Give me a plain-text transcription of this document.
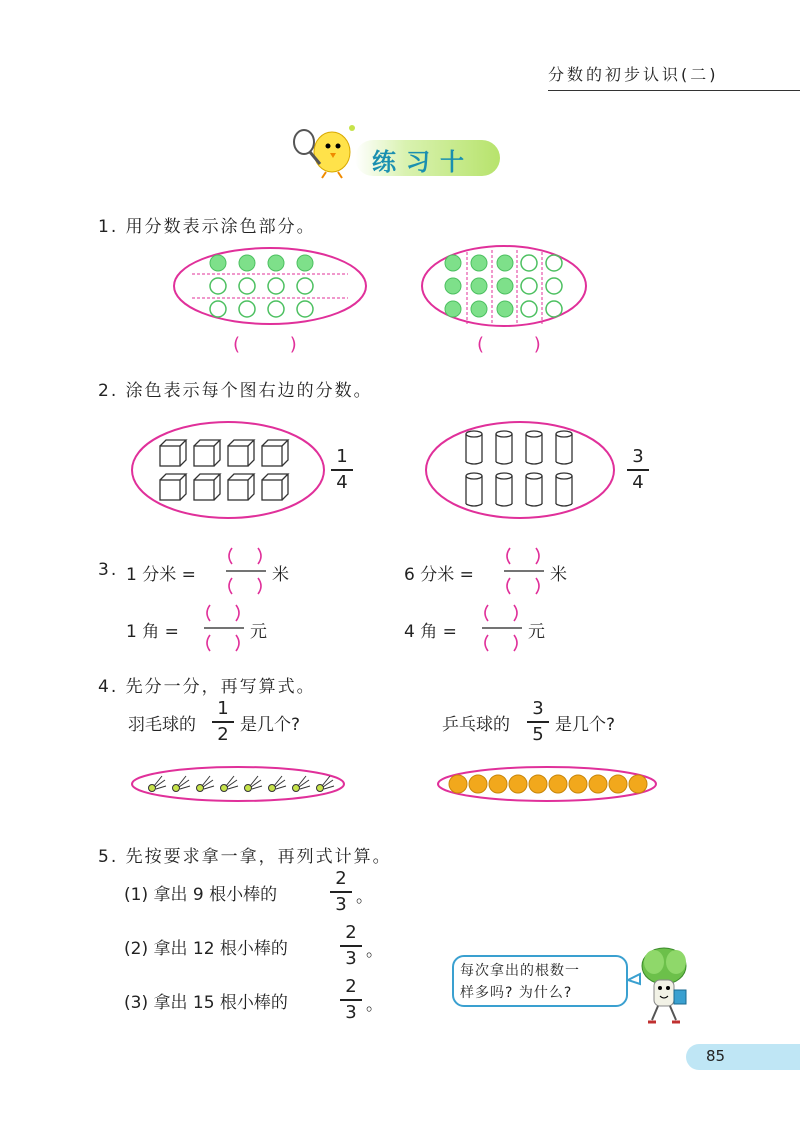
分数的初步认识(二)
练习十
1. 用分数表示涂色部分。
( )	( )
2. 涂色表示每个图右边的分数。
1
4
3
4
3. 1 分米 =	米	6 分米 =	米
1 角 =	元	4 角 =	元
4. 先分一分，再写算式。
羽毛球的
1
2 是几个?	乒乓球的
3
5 是几个?
5. 先按要求拿一拿，再列式计算。
(1) 拿出 9 根小棒的
2
3 。
(2) 拿出 12 根小棒的
2
3 。
(3) 拿出 15 根小棒的
2
3 。
每次拿出的根数一
样多吗? 为什么?
85
